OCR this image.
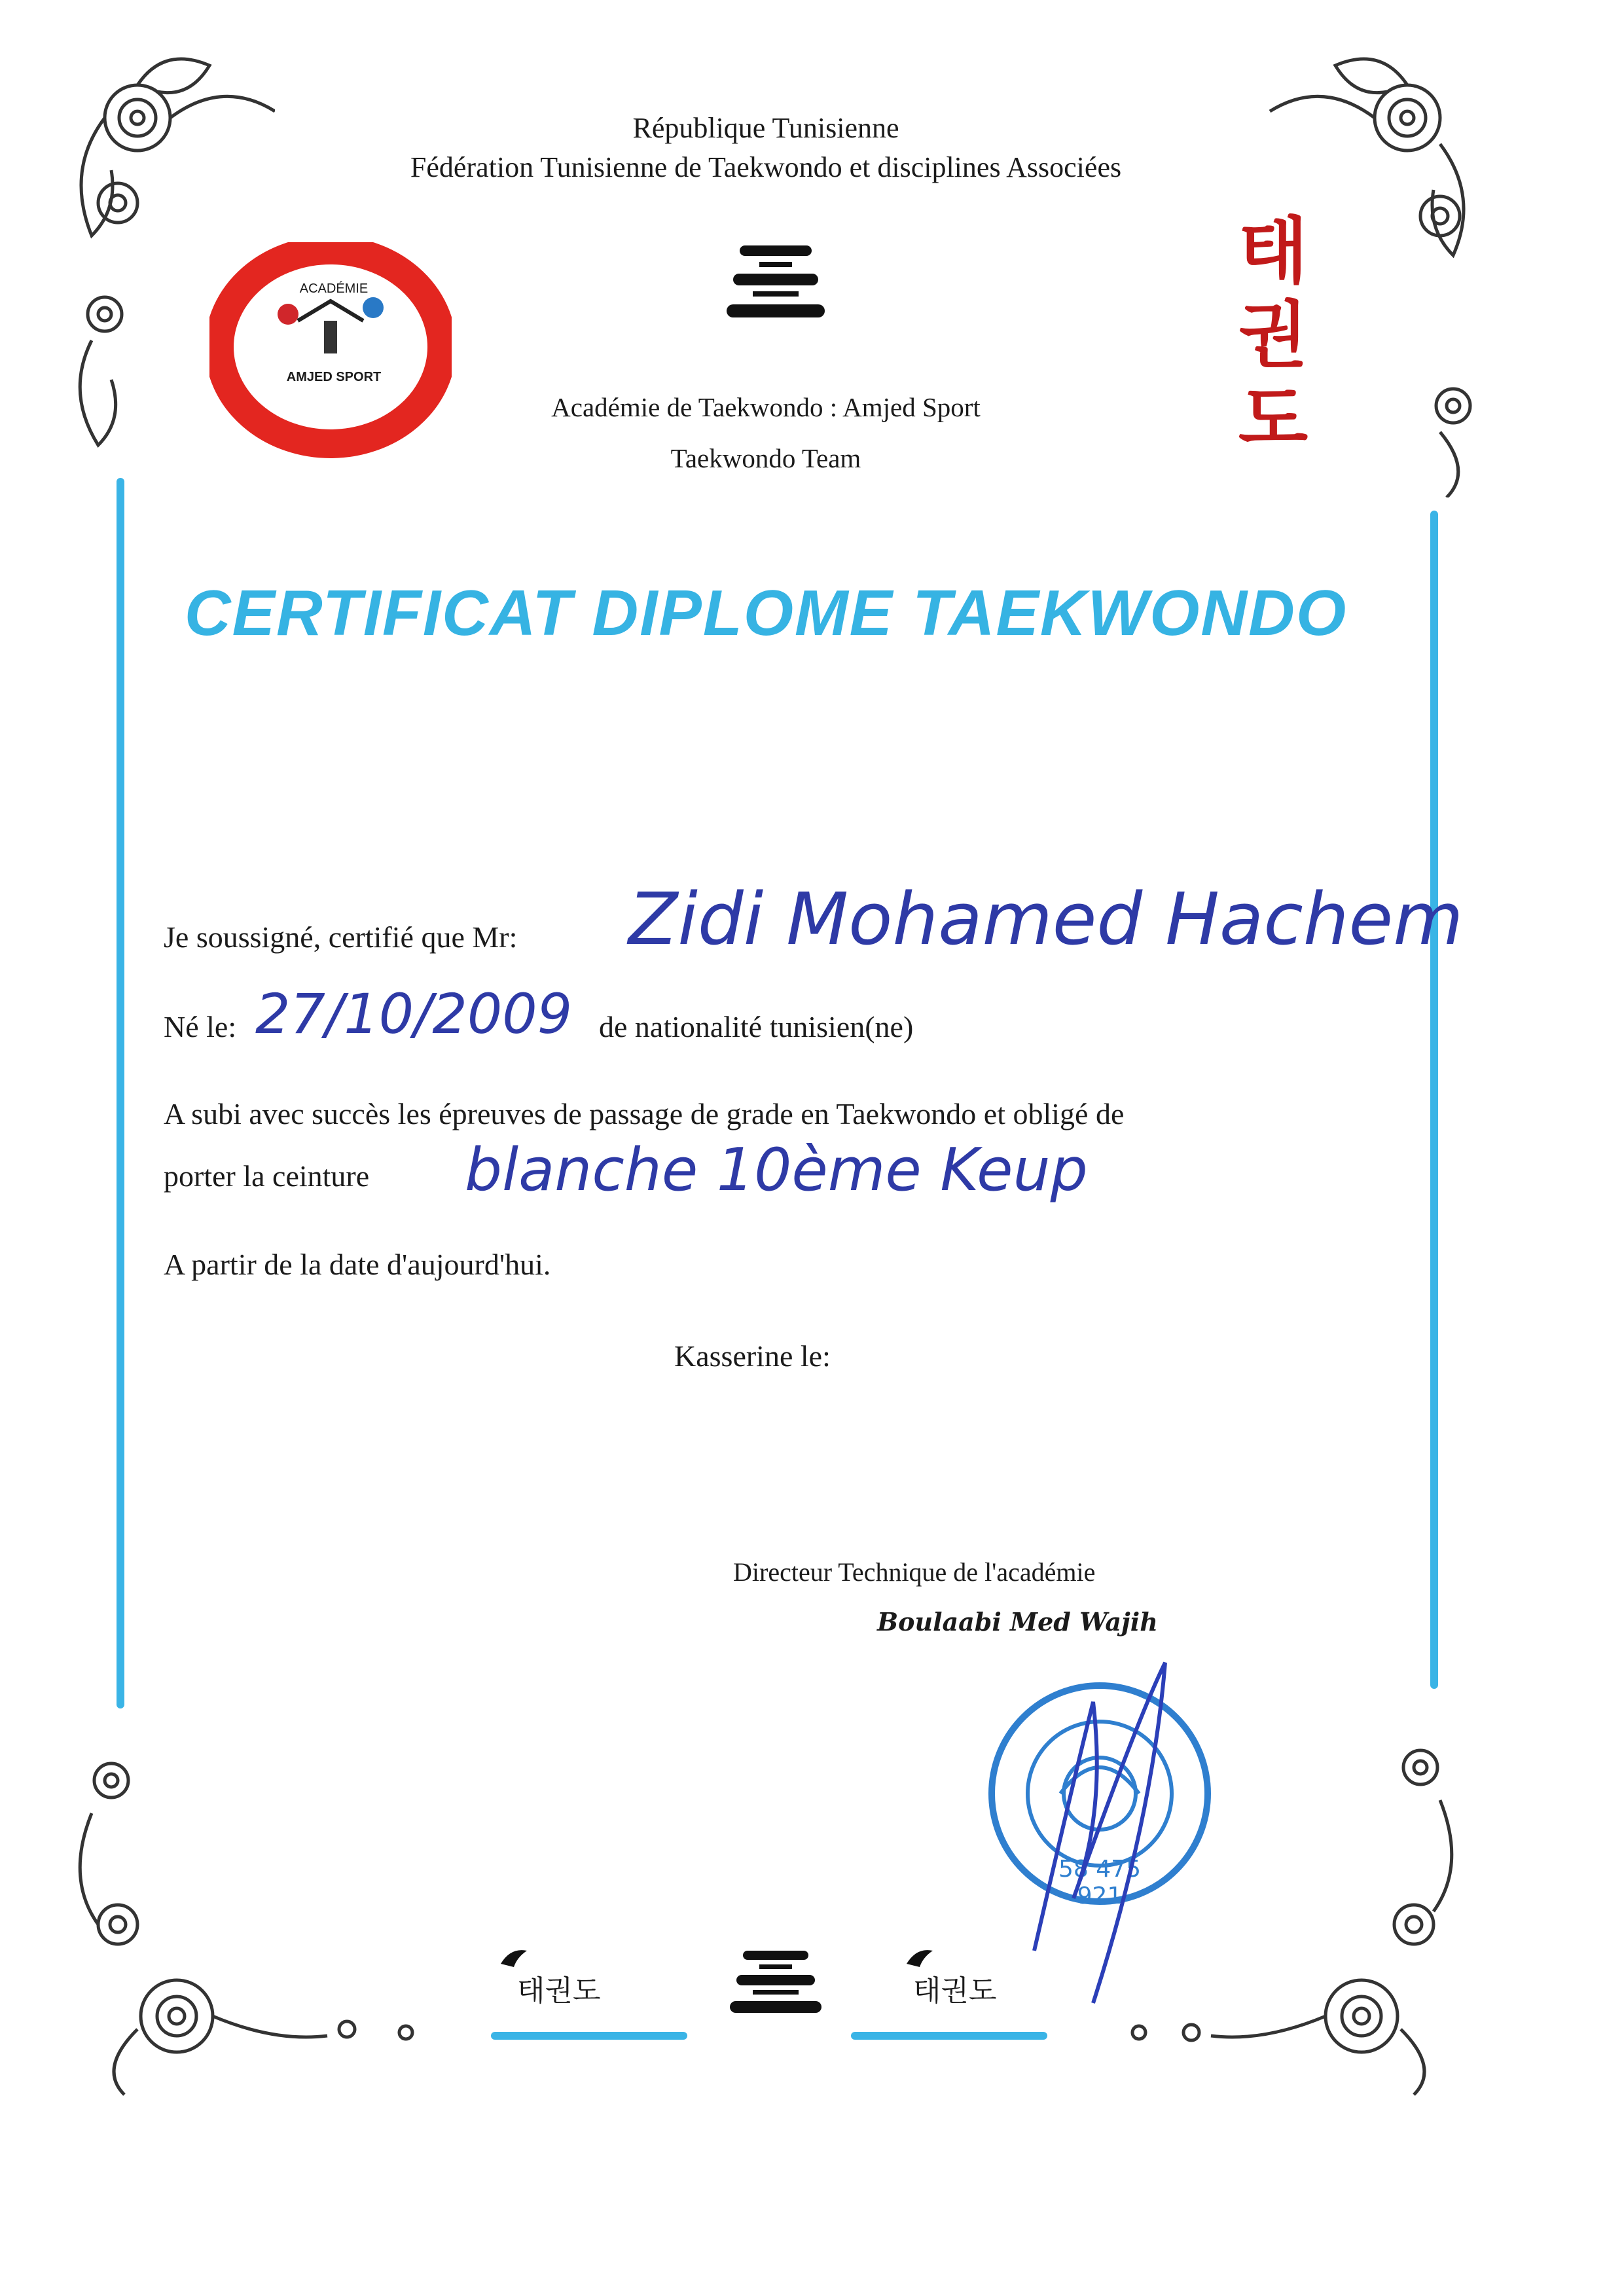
République Tunisienne
Fédération Tunisienne de Taekwondo et disciplines Associées
ACADÉMIE
AMJED SPORT
Académie de Taekwondo : Amjed Sport
Taekwondo Team
태
권
도
CERTIFICAT DIPLOME TAEKWONDO
Je soussigné, certifié que Mr: Zidi Mohamed Hachem
Né le: 27/10/2009 de nationalité tunisien(ne)
A subi avec succès les épreuves de passage de grade en Taekwondo et obligé de
porter la ceinture blanche 10ème Keup
A partir de la date d'aujourd'hui.
Kasserine le:
Directeur Technique de l'académie
Boulaabi Med Wajih
58 475 921
태권도	태권도
